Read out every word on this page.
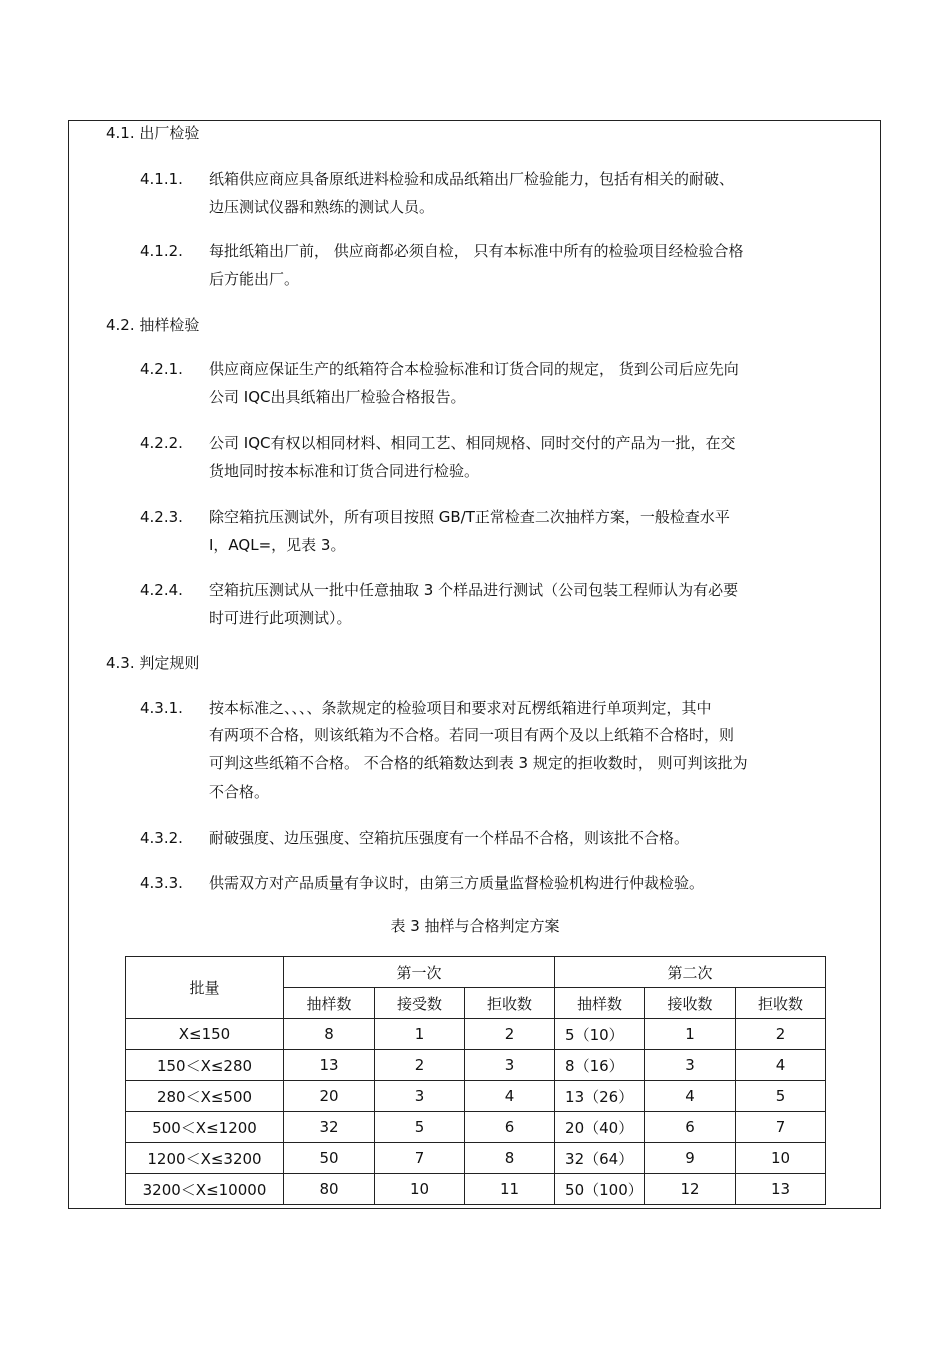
4.1. 出厂检验
4.1.1. 纸箱供应商应具备原纸进料检验和成品纸箱出厂检验能力，包括有相关的耐破、
边压测试仪器和熟练的测试人员。
4.1.2. 每批纸箱出厂前， 供应商都必须自检， 只有本标准中所有的检验项目经检验合格
后方能出厂。
4.2. 抽样检验
4.2.1. 供应商应保证生产的纸箱符合本检验标准和订货合同的规定， 货到公司后应先向
公司 IQC出具纸箱出厂检验合格报告。
4.2.2. 公司 IQC有权以相同材料、相同工艺、相同规格、同时交付的产品为一批，在交
货地同时按本标准和订货合同进行检验。
4.2.3. 除空箱抗压测试外，所有项目按照 GB/T正常检查二次抽样方案，一般检查水平
Ⅰ，AQL=，见表 3。
4.2.4. 空箱抗压测试从一批中任意抽取 3 个样品进行测试（公司包装工程师认为有必要
时可进行此项测试）。
4.3. 判定规则
4.3.1. 按本标准之、、、、条款规定的检验项目和要求对瓦楞纸箱进行单项判定，其中
有两项不合格，则该纸箱为不合格。若同一项目有两个及以上纸箱不合格时，则
可判这些纸箱不合格。 不合格的纸箱数达到表 3 规定的拒收数时， 则可判该批为
不合格。
4.3.2. 耐破强度、边压强度、空箱抗压强度有一个样品不合格，则该批不合格。
4.3.3. 供需双方对产品质量有争议时，由第三方质量监督检验机构进行仲裁检验。
表 3 抽样与合格判定方案
批量	第一次			第二次		
	抽样数	接受数	拒收数	抽样数	接收数	拒收数
X≤150	8	1	2	5（10）	1	2
150＜X≤280	13	2	3	8（16）	3	4
280＜X≤500	20	3	4	13（26）	4	5
500＜X≤1200	32	5	6	20（40）	6	7
1200＜X≤3200	50	7	8	32（64）	9	10
3200＜X≤10000	80	10	11	50（100）	12	13
